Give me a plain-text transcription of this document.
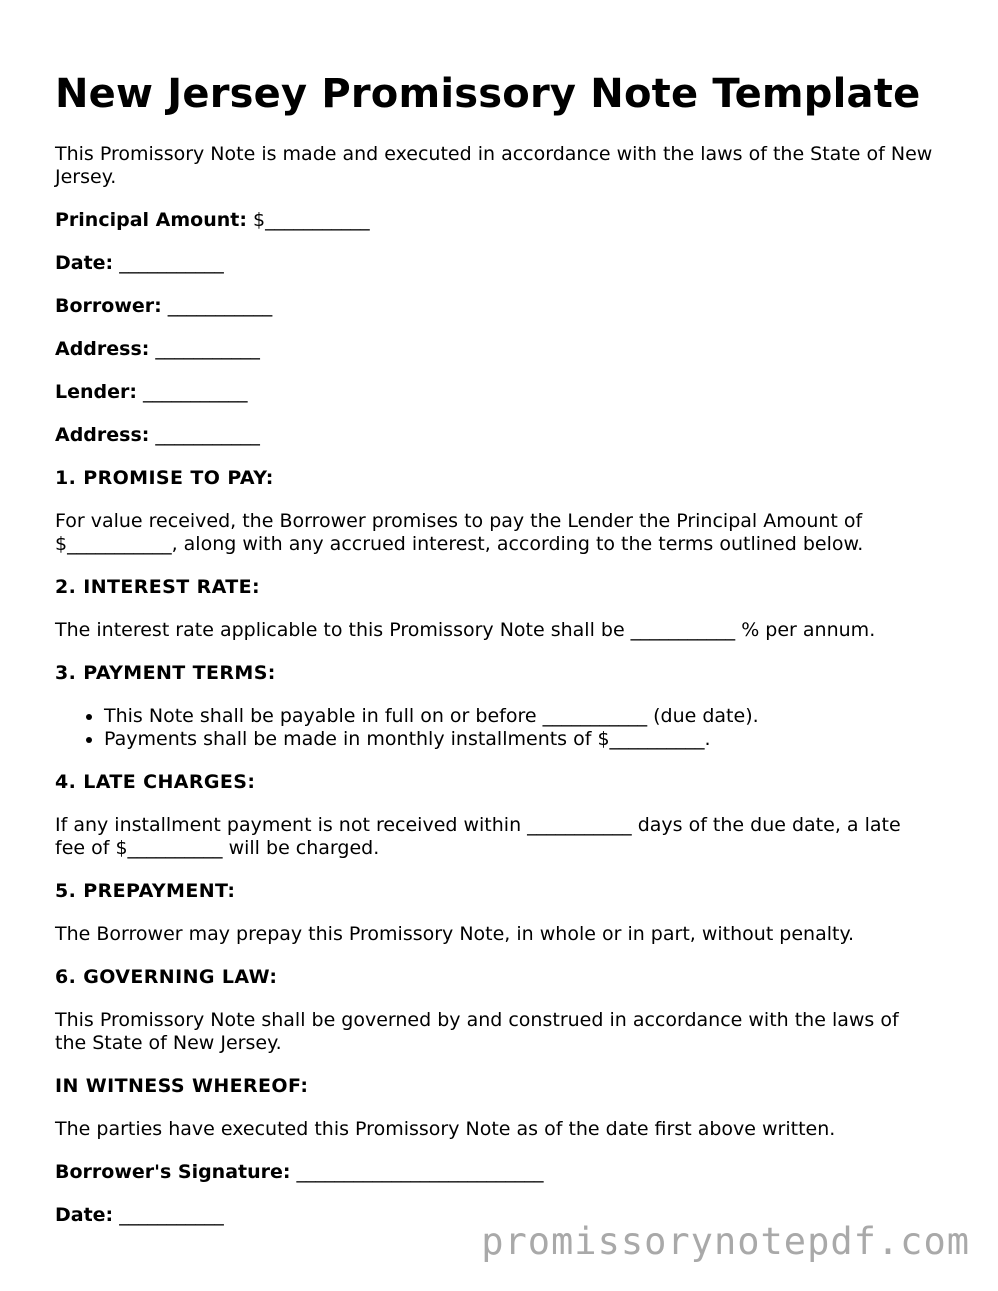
New Jersey Promissory Note Template

This Promissory Note is made and executed in accordance with the laws of the State of New Jersey.

Principal Amount: $___________

Date: ___________

Borrower: ___________

Address: ___________

Lender: ___________

Address: ___________

1. PROMISE TO PAY:

For value received, the Borrower promises to pay the Lender the Principal Amount of $___________, along with any accrued interest, according to the terms outlined below.

2. INTEREST RATE:

The interest rate applicable to this Promissory Note shall be ___________ % per annum.

3. PAYMENT TERMS:

• This Note shall be payable in full on or before ___________ (due date).
• Payments shall be made in monthly installments of $__________.

4. LATE CHARGES:

If any installment payment is not received within ___________ days of the due date, a late fee of $__________ will be charged.

5. PREPAYMENT:

The Borrower may prepay this Promissory Note, in whole or in part, without penalty.

6. GOVERNING LAW:

This Promissory Note shall be governed by and construed in accordance with the laws of the State of New Jersey.

IN WITNESS WHEREOF:

The parties have executed this Promissory Note as of the date first above written.

Borrower's Signature: __________________________

Date: ___________

promissorynotepdf.com
